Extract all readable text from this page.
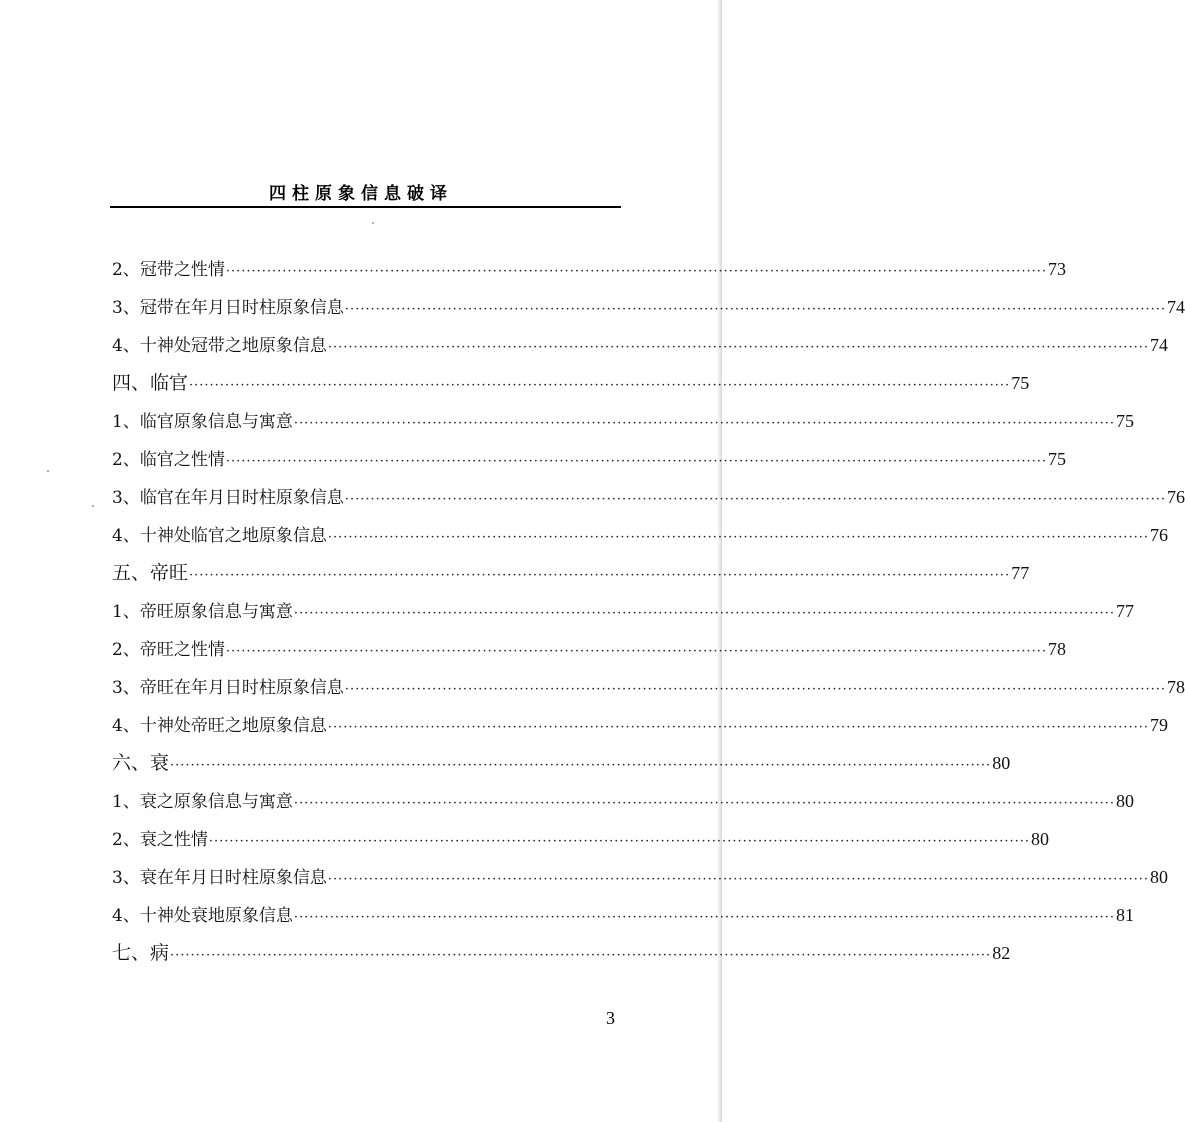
四柱原象信息破译
2、冠带之性情 ································································································································································ 73
3、冠带在年月日时柱原象信息 ································································································································································ 74
4、十神处冠带之地原象信息 ································································································································································ 74
四、临官 ································································································································································ 75
1、临官原象信息与寓意 ································································································································································ 75
2、临官之性情 ································································································································································ 75
3、临官在年月日时柱原象信息 ································································································································································ 76
4、十神处临官之地原象信息 ································································································································································ 76
五、帝旺 ································································································································································ 77
1、帝旺原象信息与寓意 ································································································································································ 77
2、帝旺之性情 ································································································································································ 78
3、帝旺在年月日时柱原象信息 ································································································································································ 78
4、十神处帝旺之地原象信息 ································································································································································ 79
六、衰 ································································································································································ 80
1、衰之原象信息与寓意 ································································································································································ 80
2、衰之性情 ································································································································································ 80
3、衰在年月日时柱原象信息 ································································································································································ 80
4、十神处衰地原象信息 ································································································································································ 81
七、病 ································································································································································ 82
3
